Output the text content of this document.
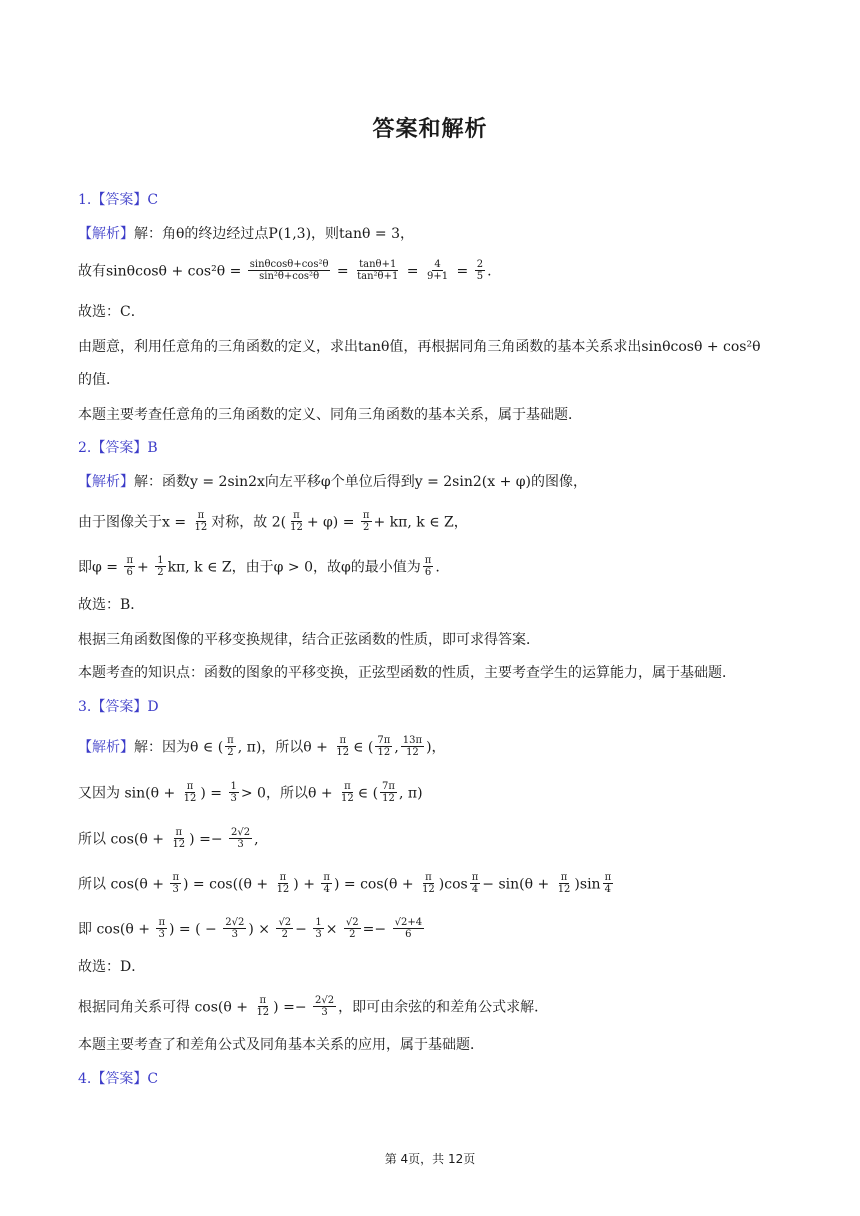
答案和解析
1.【答案】C
【解析】解：角θ的终边经过点P(1,3)，则tanθ = 3，
故有$\sin\theta\cos\theta + \cos^2\theta = \frac{\text{sinθcosθ+cos²θ}}{\text{sin²θ+cos²θ}} = \frac{\tan\theta+1}{\text{tan²θ+1}} = \frac{4}{9+1} = \frac{2}{5}$ .
故选：C．
由题意，利用任意角的三角函数的定义，求出tanθ值，再根据同角三角函数的基本关系求出sinθcosθ + cos²θ
的值．
本题主要考查任意角的三角函数的定义、同角三角函数的基本关系，属于基础题．
2.【答案】B
【解析】解：函数y = 2sin2x向左平移φ个单位后得到y = 2sin2(x + φ)的图像，
由于图像关于$x = \frac{\pi}{12}$ 对称，故 $2( \frac{\pi}{12} + \varphi) = \frac{\pi}{2} + k\pi$, k ∈ Z，
即$\varphi = \frac{\pi}{6} + \frac{1}{2} k\pi$, k ∈ Z，由于φ > 0，故φ的最小值为 $\frac{\pi}{6}$ .
故选：B．
根据三角函数图像的平移变换规律，结合正弦函数的性质，即可求得答案．
本题考查的知识点：函数的图象的平移变换，正弦型函数的性质，主要考查学生的运算能力，属于基础题．
3.【答案】D
【解析】解：因为θ ∈ ( $\frac{\pi}{2}$ , π)，所以$\theta + \frac{\pi}{12}$ ∈ ( $\frac{7\pi}{12}$ , $\frac{13\pi}{12}$ )，
又因为 $\sin(\theta + \frac{\pi}{12}$ ) = $\frac{1}{3} > 0$，所以$\theta + \frac{\pi}{12}$ ∈ ( $\frac{7\pi}{12}$ , π)
所以 $\cos(\theta + \frac{\pi}{12}$ ) =− $\frac{2√2}{3}$ ,
所以 $\cos(\theta + \frac{\pi}{3}$ ) = $\cos((\theta + \frac{\pi}{12}$ ) + $\frac{\pi}{4}$ ) = $\cos(\theta + \frac{\pi}{12} )\cos \frac{\pi}{4} - \sin(\theta + \frac{\pi}{12} )\sin \frac{\pi}{4}$
即 $\cos(\theta + \frac{\pi}{3}$ ) = ( − $\frac{2√2}{3}$ ) × $\frac{√2}{2} - \frac{1}{3} \times \frac{√2}{2} =- \frac{√2+4}{6}$
故选：D．
根据同角关系可得 $\cos(\theta + \frac{\pi}{12}$ ) =− $\frac{2√2}{3}$ ，即可由余弦的和差角公式求解．
本题主要考查了和差角公式及同角基本关系的应用，属于基础题．
4.【答案】C
第 4页，共 12页
